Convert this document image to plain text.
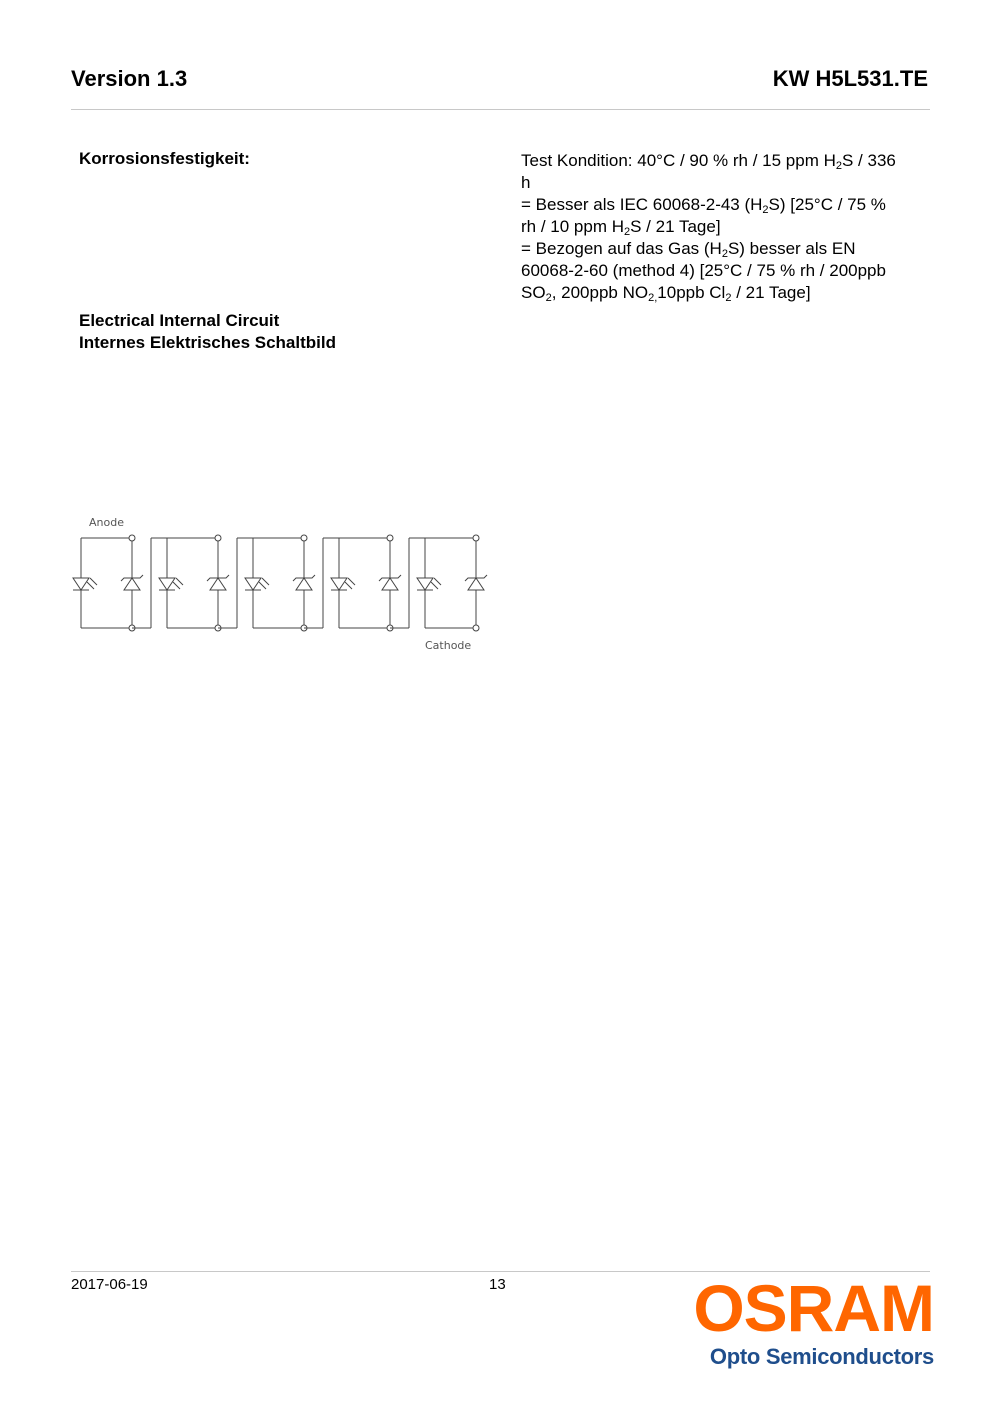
Version 1.3	KW H5L531.TE
Korrosionsfestigkeit:	Test Kondition: 40°C / 90 % rh / 15 ppm $H_2S / 336$
h
= Besser als IEC 60068-2-43 $(H_2S)$ [25°C / 75 %
rh / 10 ppm $H_2S / 21$ Tage]
= Bezogen auf das Gas $(H_2S)$ besser als EN
60068-2-60 (method 4) [25°C / 75 % rh / 200ppb
$SO_2$, 200ppb $NO_{2,}10ppb$ $Cl_2 / 21$ Tage]
Electrical Internal Circuit
Internes Elektrisches Schaltbild
Anode
Cathode
2017-06-19	13	OSRAM
Opto Semiconductors
